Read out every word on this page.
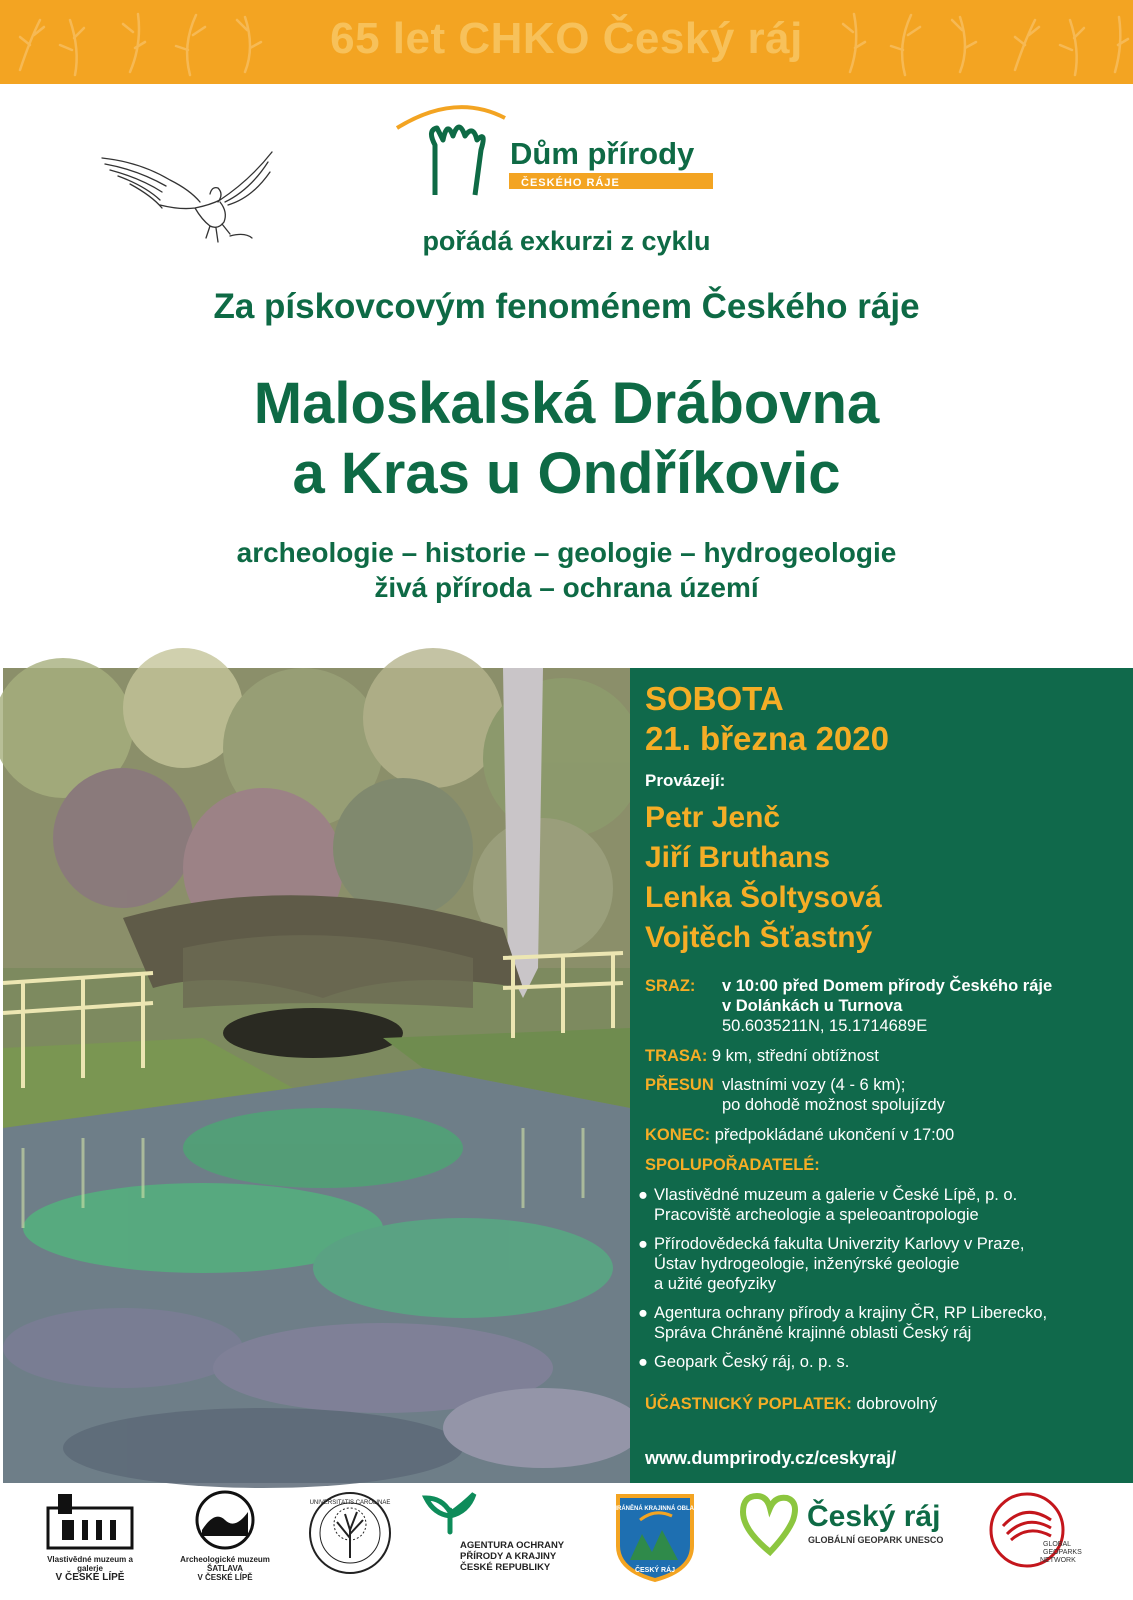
65 let CHKO Český ráj
Dům přírody
ČESKÉHO RÁJE
pořádá exkurzi z cyklu
Za pískovcovým fenoménem Českého ráje
Maloskalská Drábovna
a Kras u Ondříkovic
archeologie – historie – geologie – hydrogeologie
živá příroda – ochrana území
SOBOTA
21. března 2020
Provázejí:
Petr Jenč
Jiří Bruthans
Lenka Šoltysová
Vojtěch Šťastný
SRAZ: v 10:00 před Domem přírody Českého ráje
v Dolánkách u Turnova
50.6035211N, 15.1714689E
TRASA: 9 km, střední obtížnost
PŘESUN vlastními vozy (4 - 6 km);
po dohodě možnost spolujízdy
KONEC: předpokládané ukončení v 17:00
SPOLUPOŘADATELÉ:
● Vlastivědné muzeum a galerie v České Lípě, p. o.
Pracoviště archeologie a speleoantropologie
● Přírodovědecká fakulta Univerzity Karlovy v Praze,
Ústav hydrogeologie, inženýrské geologie
a užité geofyziky
● Agentura ochrany přírody a krajiny ČR, RP Liberecko,
Správa Chráněné krajinné oblasti Český ráj
● Geopark Český ráj, o. p. s.
ÚČASTNICKÝ POPLATEK: dobrovolný
www.dumprirody.cz/ceskyraj/
Vlastivědné muzeum a galerie
V ČESKÉ LÍPĚ
Archeologické muzeum
ŠATLAVA
V ČESKÉ LÍPĚ
UNIVERSITATIS CAROLINAE
AGENTURA OCHRANY
PŘÍRODY A KRAJINY
ČESKÉ REPUBLIKY
CHRÁNĚNÁ KRAJINNÁ OBLAST
ČESKÝ RÁJ
Český ráj
GLOBÁLNÍ GEOPARK UNESCO	GLOBAL
GEOPARKS
NETWORK
